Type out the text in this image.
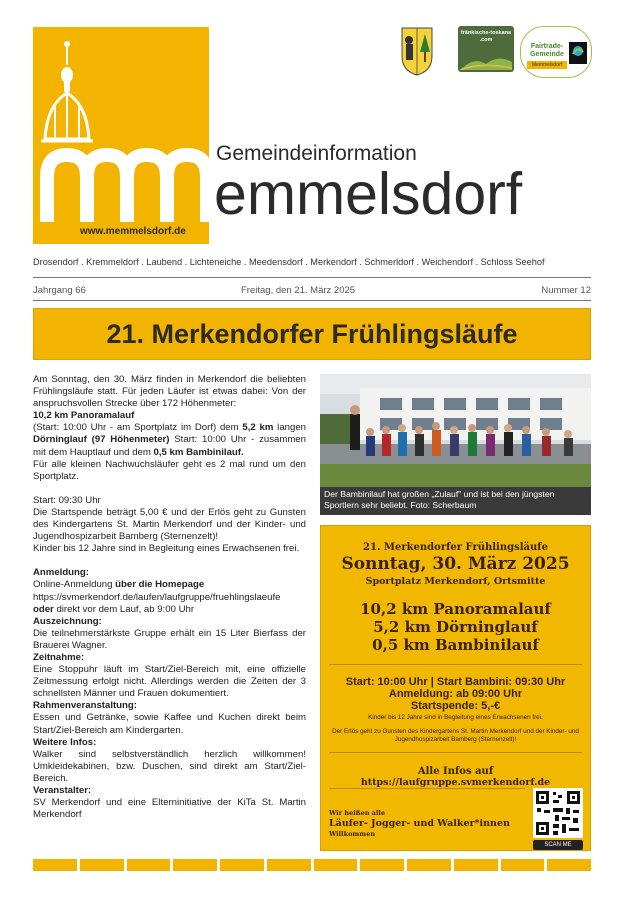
www.memmelsdorf.de
Gemeindeinformation
emmelsdorf
fränkische-toskana .com
Fairtrade-Gemeinde
Memmelsdorf
Drosendorf . Kremmeldorf . Laubend . Lichteneiche . Meedensdorf . Merkendorf . Schmerldorf . Weichendorf . Schloss Seehof
Jahrgang 66	Freitag, den 21. März 2025	Nummer 12
21. Merkendorfer Frühlingsläufe

Am Sonntag, den 30. März finden in Merkendorf die beliebten Frühlingsläufe statt. Für jeden Läufer ist etwas dabei: Von der anspruchsvollen Strecke über 172 Höhenmeter:

10,2 km Panoramalauf

(Start: 10:00 Uhr - am Sportplatz im Dorf) dem 5,2 km langen Dörninglauf (97 Höhenmeter) Start: 10:00 Uhr - zusammen mit dem Hauptlauf und dem 0,5 km Bambinilauf.

Für alle kleinen Nachwuchsläufer geht es 2 mal rund um den Sportplatz.

Start: 09:30 Uhr

Die Startspende beträgt 5,00 € und der Erlös geht zu Gunsten des Kindergartens St. Martin Merkendorf und der Kinder- und Jugendhospizarbeit Bamberg (Sternenzelt)!

Kinder bis 12 Jahre sind in Begleitung eines Erwachsenen frei.

Anmeldung:

Online-Anmeldung über die Homepage

https://svmerkendorf.de/laufen/laufgruppe/fruehlingslaeufe

oder direkt vor dem Lauf, ab 9:00 Uhr

Auszeichnung:

Die teilnehmerstärkste Gruppe erhält ein 15 Liter Bierfass der Brauerei Wagner.

Zeitnahme:

Eine Stoppuhr läuft im Start/Ziel-Bereich mit, eine offizielle Zeitmessung erfolgt nicht. Allerdings werden die Zeiten der 3 schnellsten Männer und Frauen dokumentiert.

Rahmenveranstaltung:

Essen und Getränke, sowie Kaffee und Kuchen direkt beim Start/Ziel-Bereich am Kindergarten.

Weitere Infos:

Walker sind selbstverständlich herzlich willkommen! Umkleidekabinen, bzw. Duschen, sind direkt am Start/Ziel-Bereich.

Veranstalter:

SV Merkendorf und eine Elterninitiative der KiTa St. Martin Merkendorf

Der Bambinilauf hat großen „Zulauf" und ist bei den jüngsten Sportlern sehr beliebt. Foto: Scherbaum
21. Merkendorfer Frühlingsläufe
Sonntag, 30. März 2025
Sportplatz Merkendorf, Ortsmitte
10,2 km Panoramalauf
5,2 km Dörninglauf
0,5 km Bambinilauf
Start: 10:00 Uhr | Start Bambini: 09:30 Uhr
Anmeldung: ab 09:00 Uhr
Startspende: 5,-€
Kinder bis 12 Jahre sind in Begleitung eines Erwachsenen frei.
Der Erlös geht zu Gunsten des Kindergartens St. Martin Merkendorf und der Kinder- und Jugendhospizarbeit Bamberg (Sternenzelt)!
Alle Infos auf
https://laufgruppe.svmerkendorf.de
Wir heißen alle
Läufer- Jogger- und Walker*innen
Willkommen
SCAN ME
